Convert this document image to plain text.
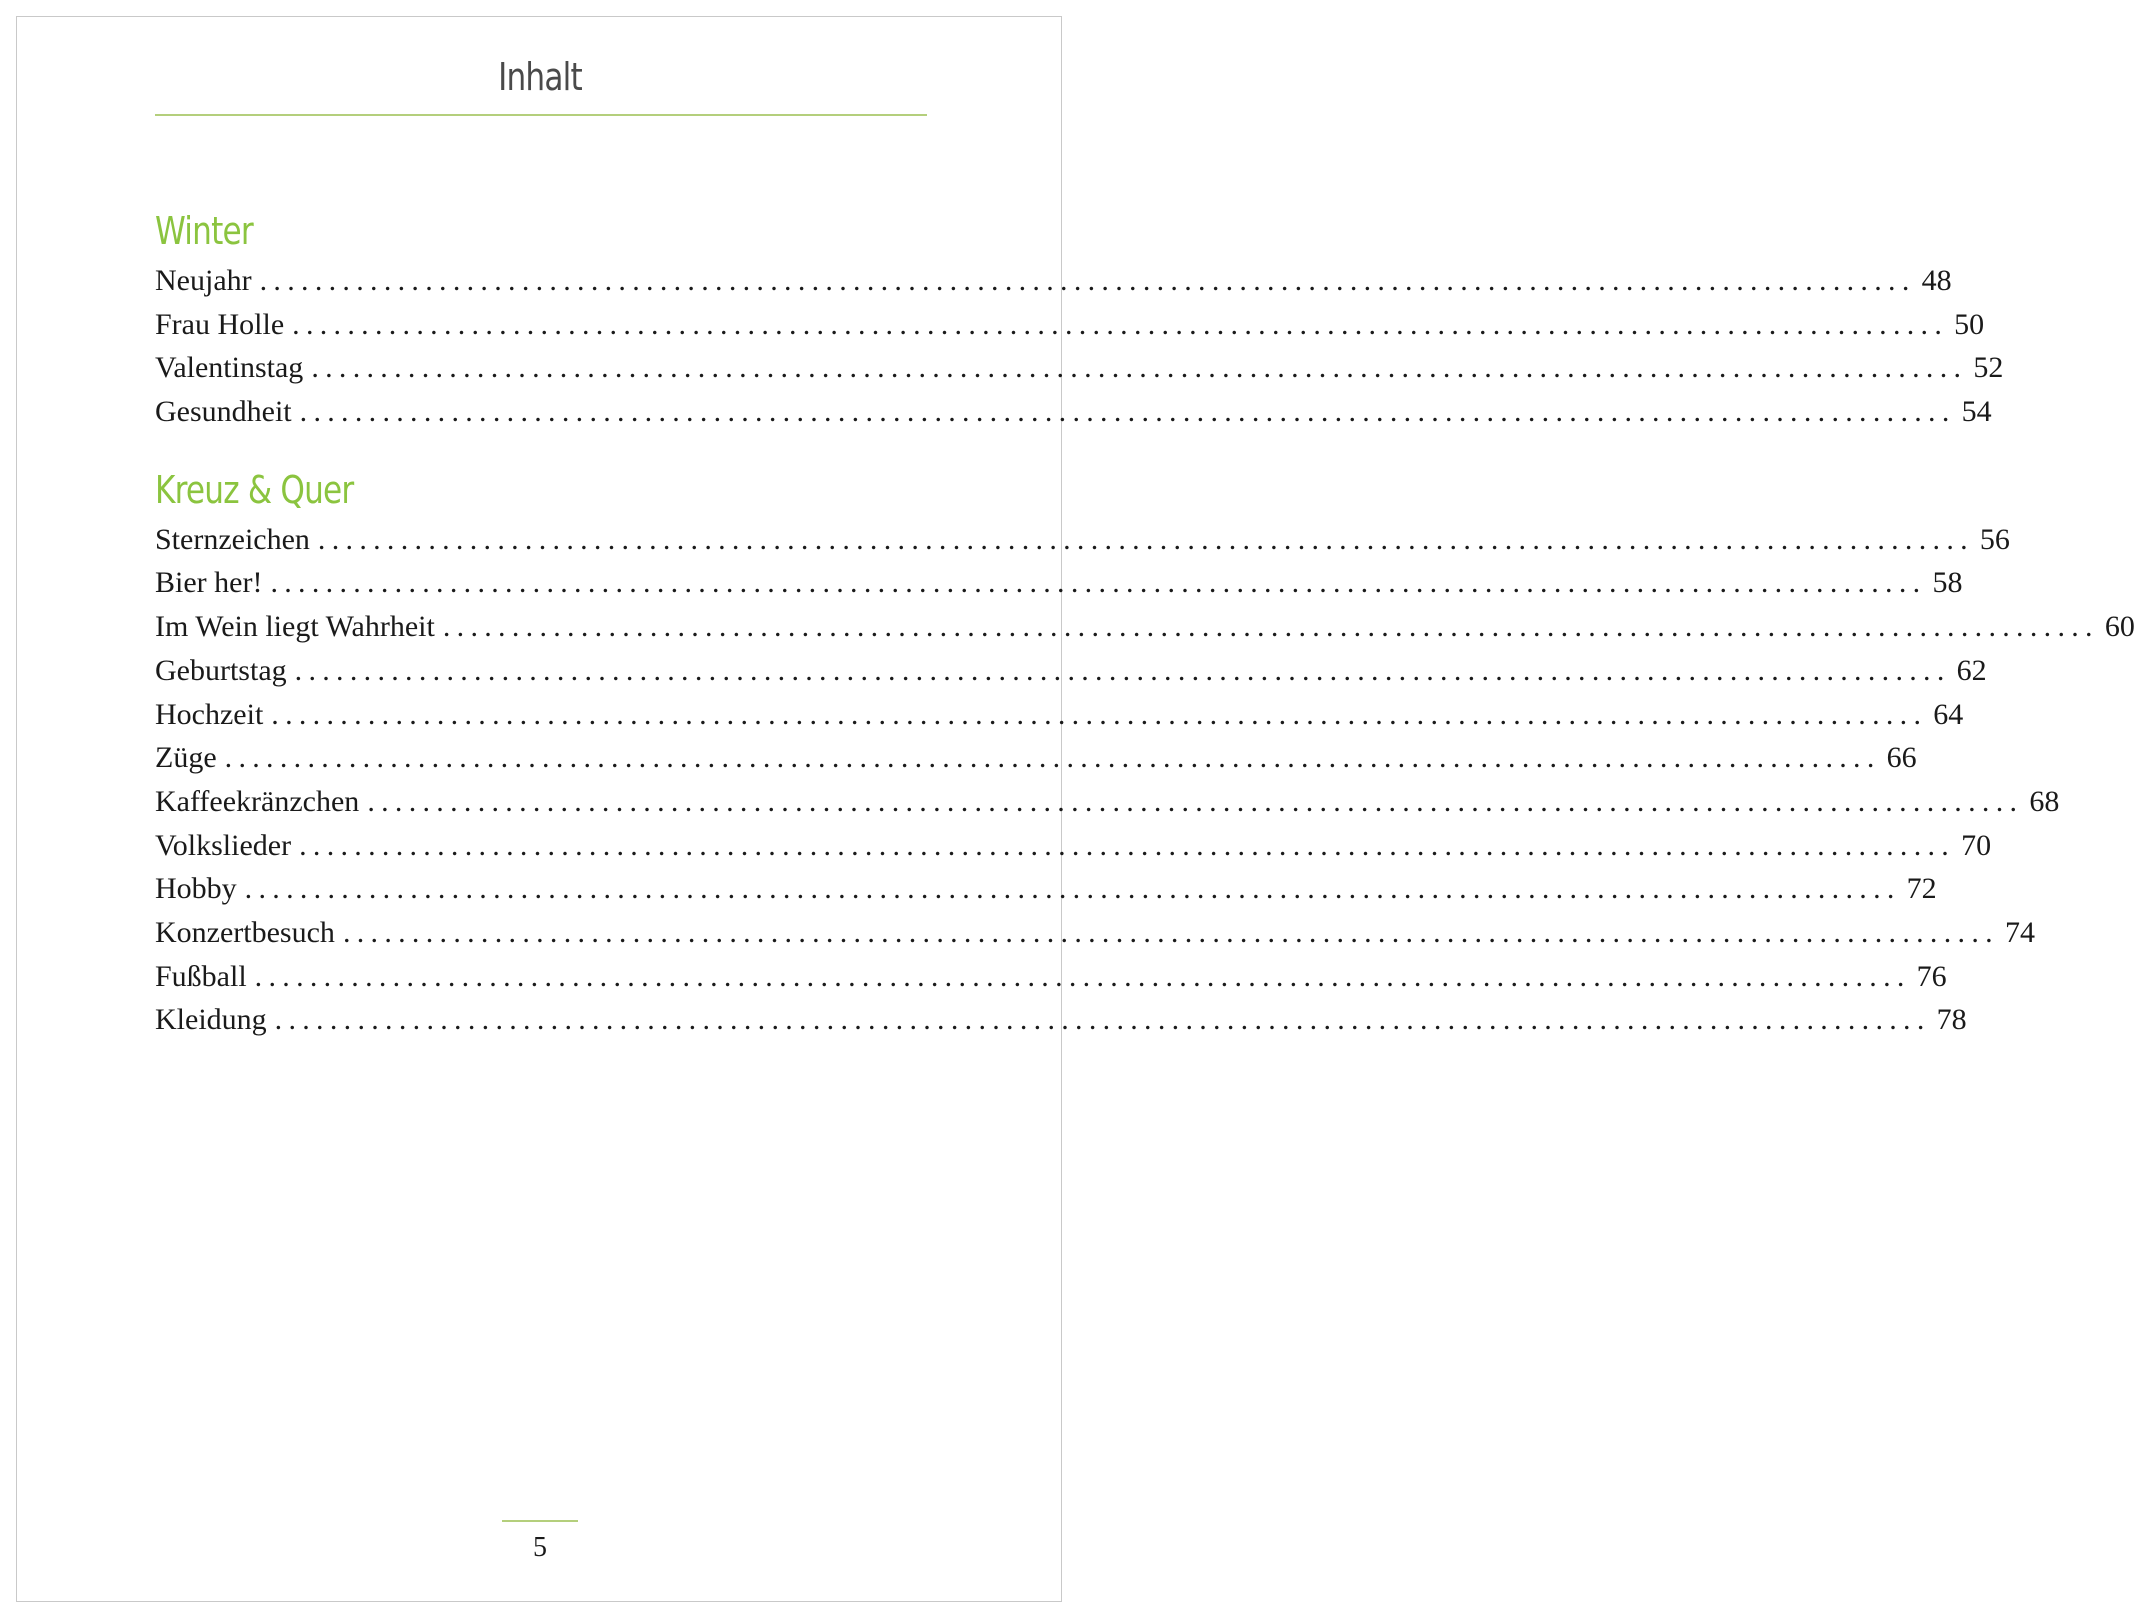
Inhalt
Winter
Neujahr ........................................................................................................................ 48
Frau Holle ........................................................................................................................ 50
Valentinstag ........................................................................................................................ 52
Gesundheit ........................................................................................................................ 54
Kreuz & Quer
Sternzeichen ........................................................................................................................ 56
Bier her! ........................................................................................................................ 58
Im Wein liegt Wahrheit ........................................................................................................................ 60
Geburtstag ........................................................................................................................ 62
Hochzeit ........................................................................................................................ 64
Züge ........................................................................................................................ 66
Kaffeekränzchen ........................................................................................................................ 68
Volkslieder ........................................................................................................................ 70
Hobby ........................................................................................................................ 72
Konzertbesuch ........................................................................................................................ 74
Fußball ........................................................................................................................ 76
Kleidung ........................................................................................................................ 78
5
